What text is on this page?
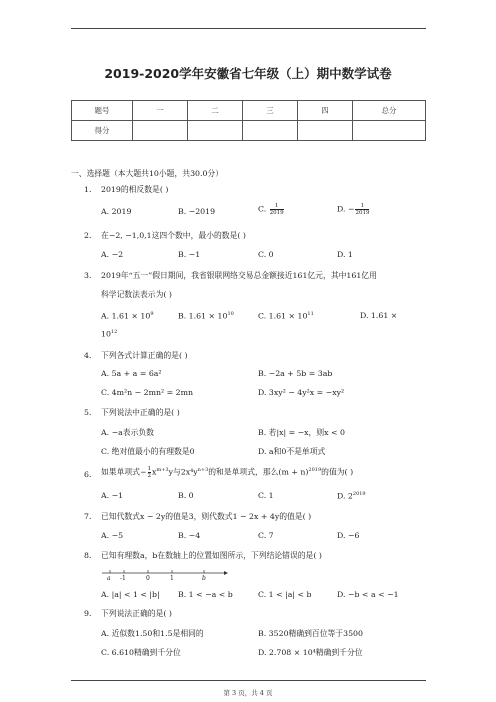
2019-2020学年安徽省七年级（上）期中数学试卷
题号	一	二	三	四	总分
得分					
一、选择题（本大题共10小题，共30.0分）
1. 2019的相反数是( )
A. 2019	B. −2019	C. $\frac{1}{2019}$	D. − $\frac{1}{2019}$
2. 在−2, −1,0,1这四个数中，最小的数是( )
A. −2	B. −1	C. 0	D. 1
3. 2019年“五一”假日期间，我省银联网络交易总金额接近161亿元，其中161亿用
科学记数法表示为( )
A. $1.61 \times 10^9$	B. $1.61 \times 10^{10}$	C. $1.61 \times 10^{11}$	D. 1.61 ×
$10^{12}$
4. 下列各式计算正确的是( )
A. 5a + a = 6a²	B. −2a + 5b = 3ab
C. 4m²n − 2mn² = 2mn	D. 3xy² − 4y²x = −xy²
5. 下列说法中正确的是( )
A. −a表示负数	B. 若|x| = −x，则x < 0
C. 绝对值最小的有理数是0	D. a和0不是单项式
6. 如果单项式− $\frac{1}{2} x^{m+3}y$与$2x^4y^{n+3}$的和是单项式，那么$(m + n)^{2019}$的值为( )
A. −1	B. 0	C. 1	D. $2^{2019}$
7. 已知代数式x − 2y的值是3，则代数式1 − 2x + 4y的值是( )
A. −5	B. −4	C. 7	D. −6
8. 已知有理数a，b在数轴上的位置如图所示，下列结论错误的是( )
a -1	0	1	b
A. |a| < 1 < |b| B. 1 < −a < b	C. 1 < |a| < b	D. −b < a < −1
9. 下列说法正确的是( )
A. 近似数1.50和1.5是相同的	B. 3520精确到百位等于3500
C. 6.610精确到千分位	D. 2.708 × 10⁴精确到千分位
第 3 页，共 4 页
